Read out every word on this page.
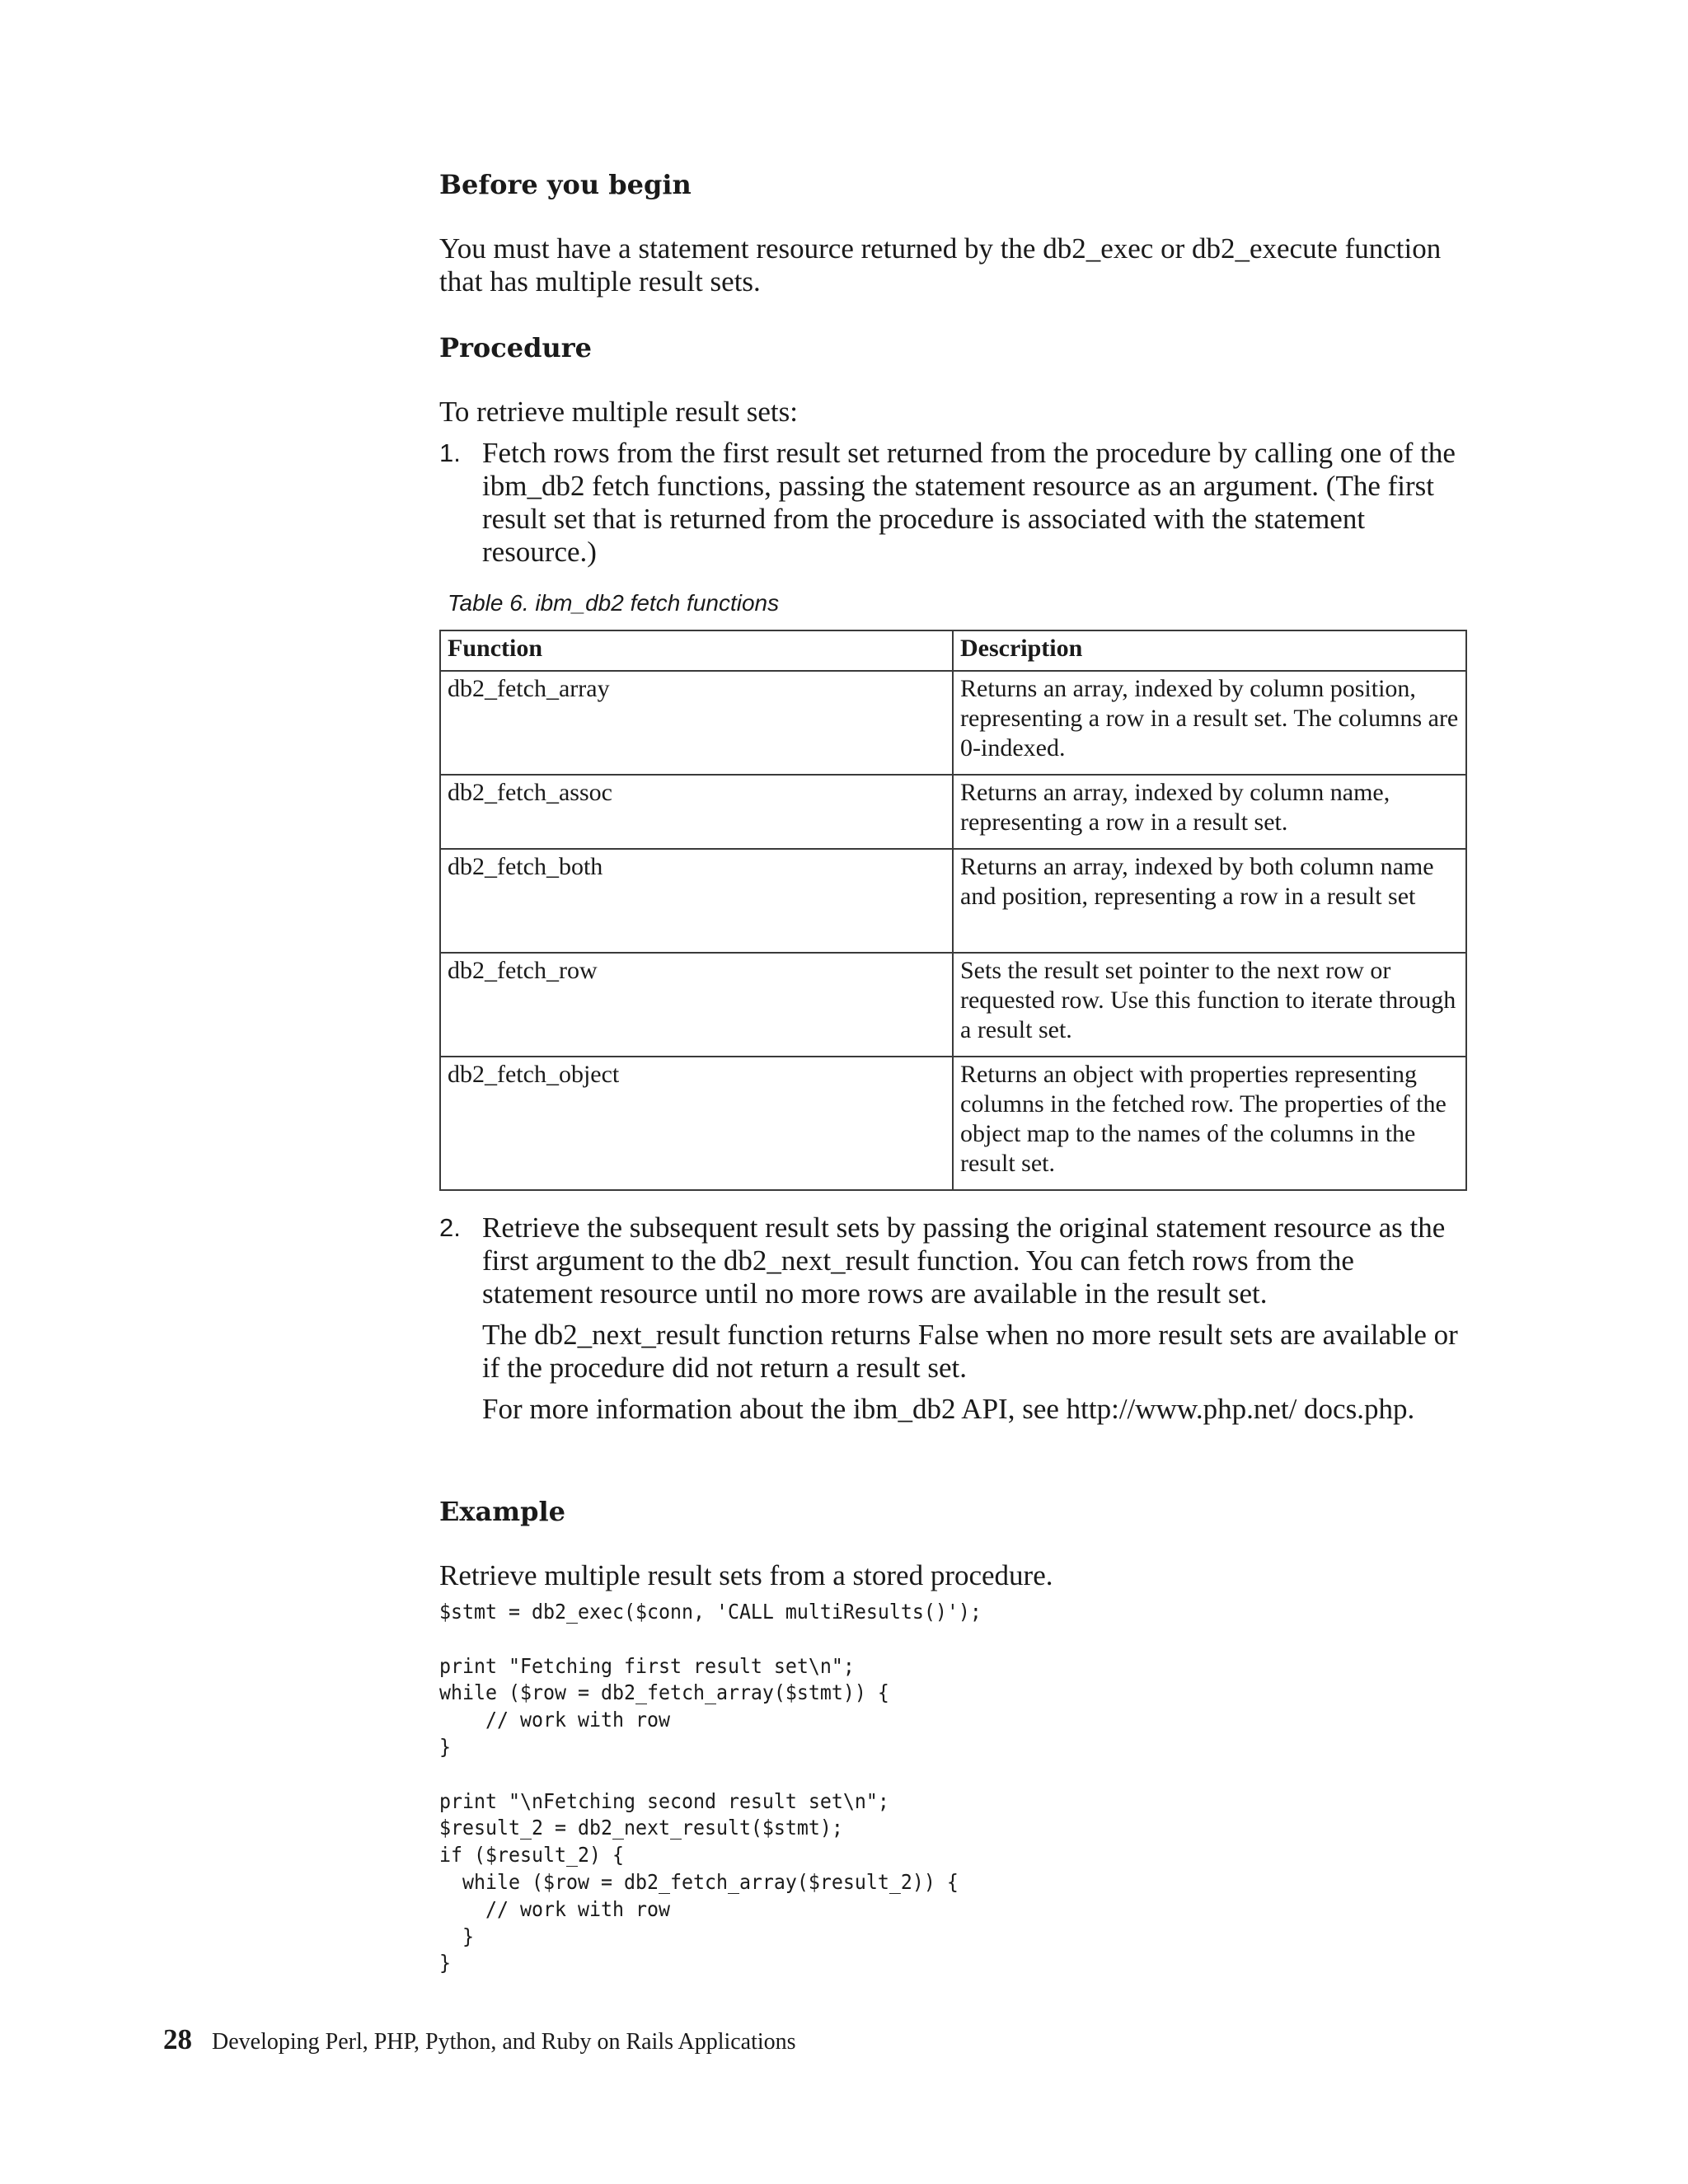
Before you begin

You must have a statement resource returned by the db2_exec or db2_execute function that has multiple result sets.

Procedure

To retrieve multiple result sets:

1. Fetch rows from the first result set returned from the procedure by calling one of the ibm_db2 fetch functions, passing the statement resource as an argument. (The first result set that is returned from the procedure is associated with the statement resource.)

Table 6. ibm_db2 fetch functions
Function	Description
db2_fetch_array	Returns an array, indexed by column position, representing a row in a result set. The columns are 0-indexed.
db2_fetch_assoc	Returns an array, indexed by column name, representing a row in a result set.
db2_fetch_both	Returns an array, indexed by both column name and position, representing a row in a result set
db2_fetch_row	Sets the result set pointer to the next row or requested row. Use this function to iterate through a result set.
db2_fetch_object	Returns an object with properties representing columns in the fetched row. The properties of the object map to the names of the columns in the result set.
2. Retrieve the subsequent result sets by passing the original statement resource as the first argument to the db2_next_result function. You can fetch rows from the statement resource until no more rows are available in the result set.

The db2_next_result function returns False when no more result sets are available or if the procedure did not return a result set.

For more information about the ibm_db2 API, see http://www.php.net/ docs.php.

Example

Retrieve multiple result sets from a stored procedure.

$stmt = db2_exec($conn, 'CALL multiResults()');

print "Fetching first result set\n";
while ($row = db2_fetch_array($stmt)) {
// work with row
}

print "\nFetching second result set\n";
$result_2 = db2_next_result($stmt);
if ($result_2) {
while ($row = db2_fetch_array($result_2)) {
// work with row
}
}
28 Developing Perl, PHP, Python, and Ruby on Rails Applications
